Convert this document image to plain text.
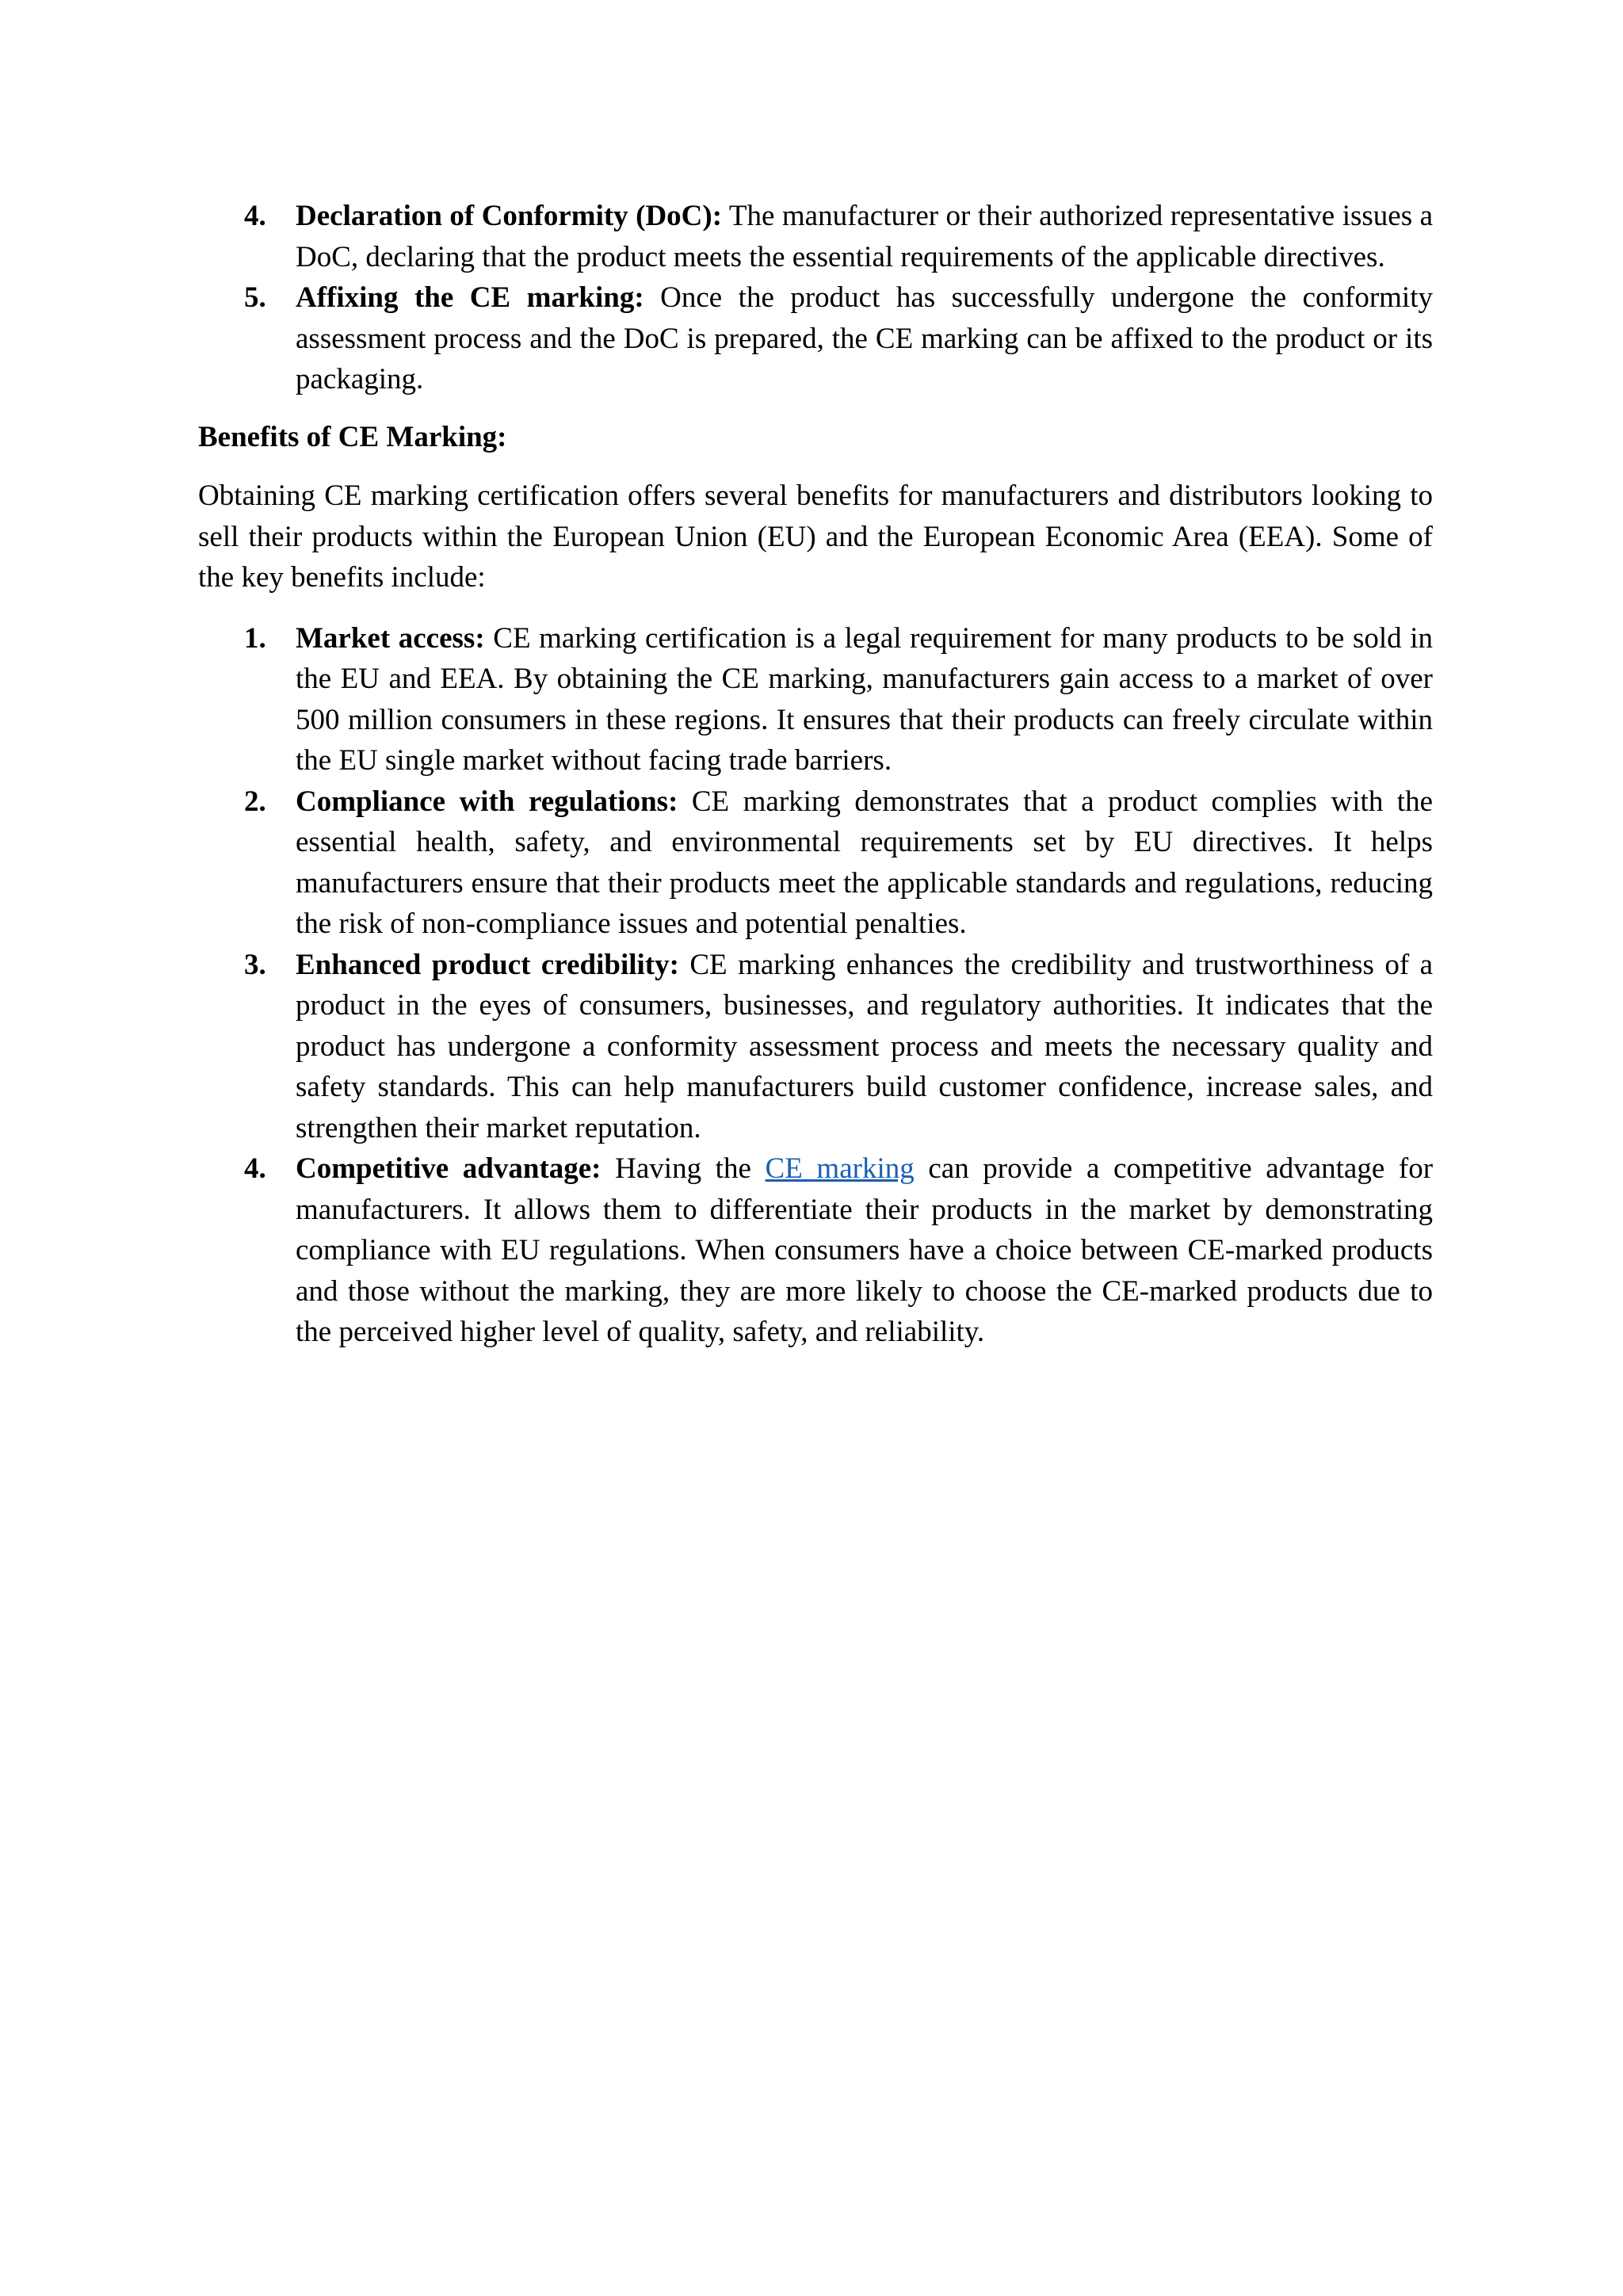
4. Declaration of Conformity (DoC): The manufacturer or their authorized representative issues a DoC, declaring that the product meets the essential requirements of the applicable directives.
5. Affixing the CE marking: Once the product has successfully undergone the conformity assessment process and the DoC is prepared, the CE marking can be affixed to the product or its packaging.

Benefits of CE Marking:

Obtaining CE marking certification offers several benefits for manufacturers and distributors looking to sell their products within the European Union (EU) and the European Economic Area (EEA). Some of the key benefits include:

1. Market access: CE marking certification is a legal requirement for many products to be sold in the EU and EEA. By obtaining the CE marking, manufacturers gain access to a market of over 500 million consumers in these regions. It ensures that their products can freely circulate within the EU single market without facing trade barriers.
2. Compliance with regulations: CE marking demonstrates that a product complies with the essential health, safety, and environmental requirements set by EU directives. It helps manufacturers ensure that their products meet the applicable standards and regulations, reducing the risk of non-compliance issues and potential penalties.
3. Enhanced product credibility: CE marking enhances the credibility and trustworthiness of a product in the eyes of consumers, businesses, and regulatory authorities. It indicates that the product has undergone a conformity assessment process and meets the necessary quality and safety standards. This can help manufacturers build customer confidence, increase sales, and strengthen their market reputation.
4. Competitive advantage: Having the CE marking can provide a competitive advantage for manufacturers. It allows them to differentiate their products in the market by demonstrating compliance with EU regulations. When consumers have a choice between CE-marked products and those without the marking, they are more likely to choose the CE-marked products due to the perceived higher level of quality, safety, and reliability.
